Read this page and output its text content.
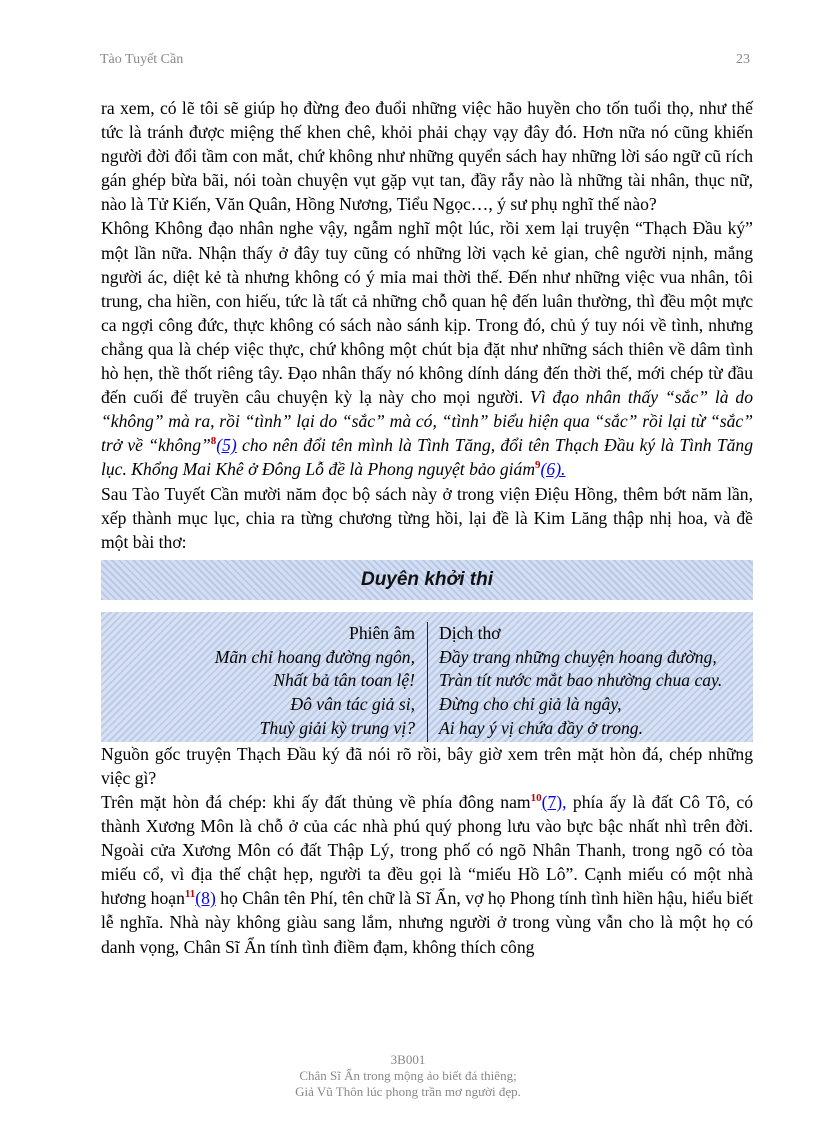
Tào Tuyết Cần	23

ra xem, có lẽ tôi sẽ giúp họ đừng đeo đuổi những việc hão huyền cho tốn tuổi thọ, như thế tức là tránh được miệng thế khen chê, khỏi phải chạy vạy đây đó. Hơn nữa nó cũng khiến người đời đổi tầm con mắt, chứ không như những quyển sách hay những lời sáo ngữ cũ rích gán ghép bừa bãi, nói toàn chuyện vụt gặp vụt tan, đầy rẫy nào là những tài nhân, thục nữ, nào là Tử Kiến, Văn Quân, Hồng Nương, Tiểu Ngọc…, ý sư phụ nghĩ thế nào?

Không Không đạo nhân nghe vậy, ngẫm nghĩ một lúc, rồi xem lại truyện “Thạch Đầu ký” một lần nữa. Nhận thấy ở đây tuy cũng có những lời vạch kẻ gian, chê người nịnh, mắng người ác, diệt kẻ tà nhưng không có ý mỉa mai thời thế. Đến như những việc vua nhân, tôi trung, cha hiền, con hiếu, tức là tất cả những chỗ quan hệ đến luân thường, thì đều một mực ca ngợi công đức, thực không có sách nào sánh kịp. Trong đó, chủ ý tuy nói về tình, nhưng chẳng qua là chép việc thực, chứ không một chút bịa đặt như những sách thiên về dâm tình hò hẹn, thề thốt riêng tây. Đạo nhân thấy nó không dính dáng đến thời thế, mới chép từ đầu đến cuối để truyền câu chuyện kỳ lạ này cho mọi người. Vì đạo nhân thấy “sắc” là do “không” mà ra, rồi “tình” lại do “sắc” mà có, “tình” biểu hiện qua “sắc” rồi lại từ “sắc” trở về “không”$^8$(5) cho nên đổi tên mình là Tình Tăng, đổi tên Thạch Đầu ký là Tình Tăng lục. Khổng Mai Khê ở Đông Lỗ đề là Phong nguyệt bảo giám$^9$(6).

Sau Tào Tuyết Cần mười năm đọc bộ sách này ở trong viện Điệu Hồng, thêm bớt năm lần, xếp thành mục lục, chia ra từng chương từng hồi, lại đề là Kim Lăng thập nhị hoa, và đề một bài thơ:

Duyên khởi thi
Phiên âm
Mãn chỉ hoang đường ngôn,
Nhất bả tân toan lệ!
Đô vân tác giả si,
Thuỳ giải kỳ trung vị?
Dịch thơ
Đầy trang những chuyện hoang đường,
Tràn tít nước mắt bao nhường chua cay.
Đừng cho chỉ giả là ngây,
Ai hay ý vị chứa đầy ở trong.

Nguồn gốc truyện Thạch Đầu ký đã nói rõ rồi, bây giờ xem trên mặt hòn đá, chép những việc gì?

Trên mặt hòn đá chép: khi ấy đất thủng về phía đông nam$^{10}$(7), phía ấy là đất Cô Tô, có thành Xương Môn là chỗ ở của các nhà phú quý phong lưu vào bực bậc nhất nhì trên đời. Ngoài cửa Xương Môn có đất Thập Lý, trong phố có ngõ Nhân Thanh, trong ngõ có tòa miếu cổ, vì địa thế chật hẹp, người ta đều gọi là “miếu Hồ Lô”. Cạnh miếu có một nhà hương hoạn$^{11}$(8) họ Chân tên Phí, tên chữ là Sĩ Ẩn, vợ họ Phong tính tình hiền hậu, hiểu biết lễ nghĩa. Nhà này không giàu sang lắm, nhưng người ở trong vùng vẫn cho là một họ có danh vọng, Chân Sĩ Ẩn tính tình điềm đạm, không thích công

3B001
Chân Sĩ Ẩn trong mộng ảo biết đá thiêng;
Giả Vũ Thôn lúc phong trần mơ người đẹp.
